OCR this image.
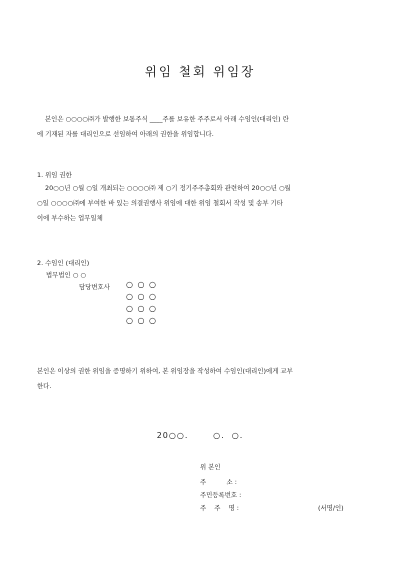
위임 철회 위임장
본인은 ○○○○㈜가 발행한 보통주식 ____주를 보유한 주주로서 아래 수임인(대리인) 란
에 기재된 자를 대리인으로 선임하여 아래의 권한을 위임합니다.
1. 위임 권한
20○○년 ○월 ○일 개최되는 ○○○○㈜ 제 ○기 정기주주총회와 관련하여 20○○년 ○월
○일 ○○○○㈜에 부여한 바 있는 의결권행사 위임에 대한 위임 철회서 작성 및 송부 기타
이에 부수하는 업무일체
2. 수임인 (대리인)
법무법인 ○ ○
담당변호사 ○ ○ ○
○ ○ ○
○ ○ ○
○ ○ ○
본인은 이상의 권한 위임을 증명하기 위하여, 본 위임장을 작성하여 수임인(대리인)에게 교부
한다.
20○○.       ○.  ○.
위 본인
주          소 :
주민등록번호 :
주    주    명 :	(서명/인)
